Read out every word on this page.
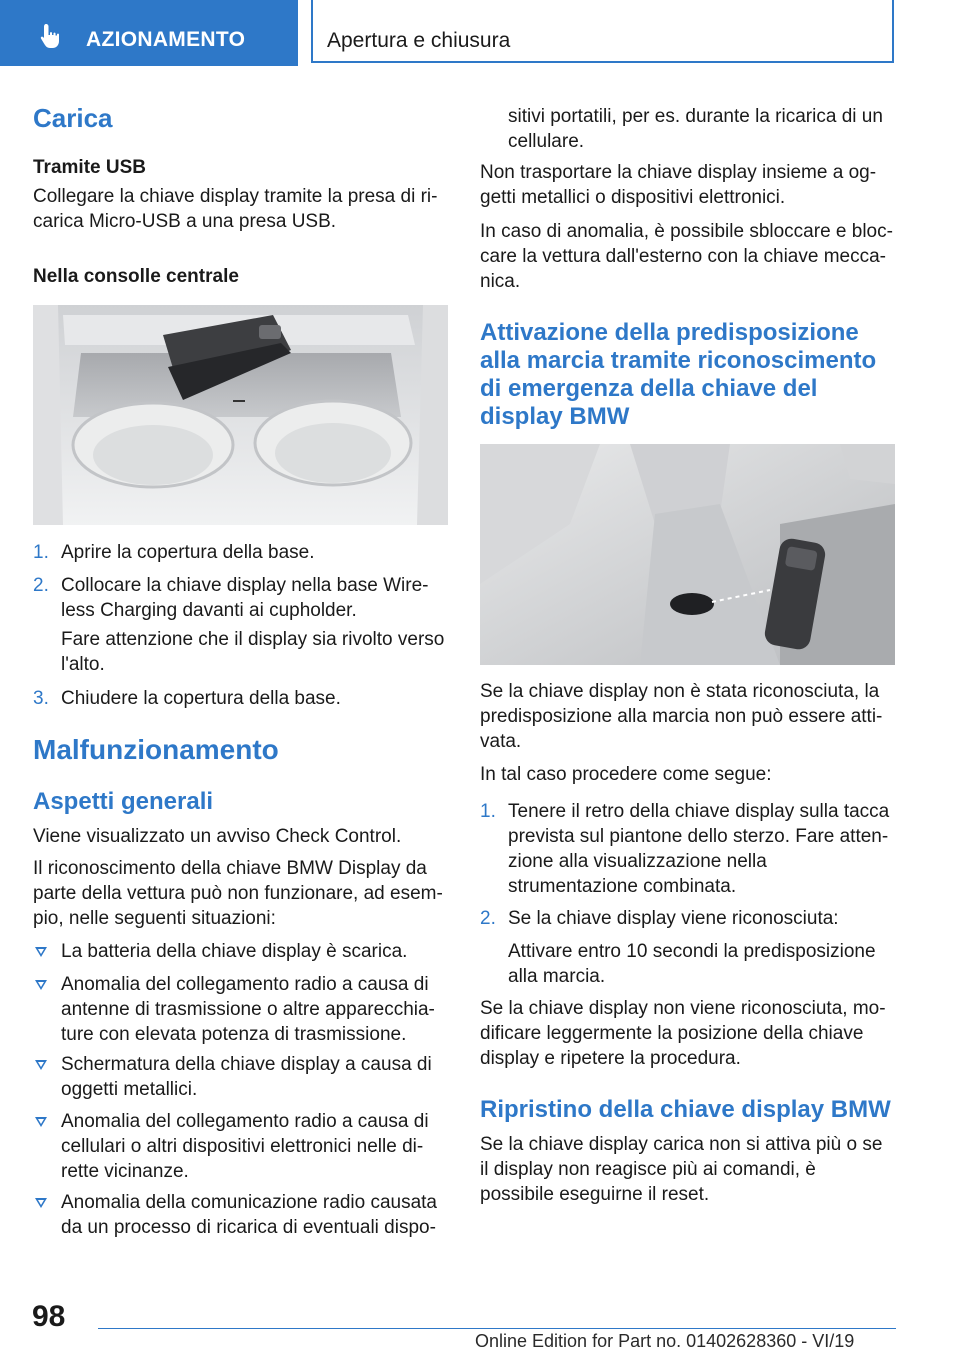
AZIONAMENTO	Apertura e chiusura
Carica
Tramite USB
Collegare la chiave display tramite la presa di ri-carica Micro-USB a una presa USB.
Nella consolle centrale
1. Aprire la copertura della base.
2. Collocare la chiave display nella base Wire-less Charging davanti ai cupholder.
Fare attenzione che il display sia rivolto verso l'alto.
3. Chiudere la copertura della base.
Malfunzionamento
Aspetti generali
Viene visualizzato un avviso Check Control.
Il riconoscimento della chiave BMW Display da parte della vettura può non funzionare, ad esem-pio, nelle seguenti situazioni:
La batteria della chiave display è scarica.
Anomalia del collegamento radio a causa di antenne di trasmissione o altre apparecchia-ture con elevata potenza di trasmissione.
Schermatura della chiave display a causa di oggetti metallici.
Anomalia del collegamento radio a causa di cellulari o altri dispositivi elettronici nelle di-rette vicinanze.
Anomalia della comunicazione radio causata da un processo di ricarica di eventuali dispo-
sitivi portatili, per es. durante la ricarica di un cellulare.
Non trasportare la chiave display insieme a og-getti metallici o dispositivi elettronici.
In caso di anomalia, è possibile sbloccare e bloc-care la vettura dall'esterno con la chiave mecca-nica.
Attivazione della predisposizione alla marcia tramite riconoscimento di emergenza della chiave del display BMW
Se la chiave display non è stata riconosciuta, la predisposizione alla marcia non può essere atti-vata.
In tal caso procedere come segue:
1. Tenere il retro della chiave display sulla tacca prevista sul piantone dello sterzo. Fare atten-zione alla visualizzazione nella strumentazione combinata.
2. Se la chiave display viene riconosciuta:
Attivare entro 10 secondi la predisposizione alla marcia.
Se la chiave display non viene riconosciuta, mo-dificare leggermente la posizione della chiave display e ripetere la procedura.
Ripristino della chiave display BMW
Se la chiave display carica non si attiva più o se il display non reagisce più ai comandi, è possibile eseguirne il reset.
98
Online Edition for Part no. 01402628360 - VI/19
